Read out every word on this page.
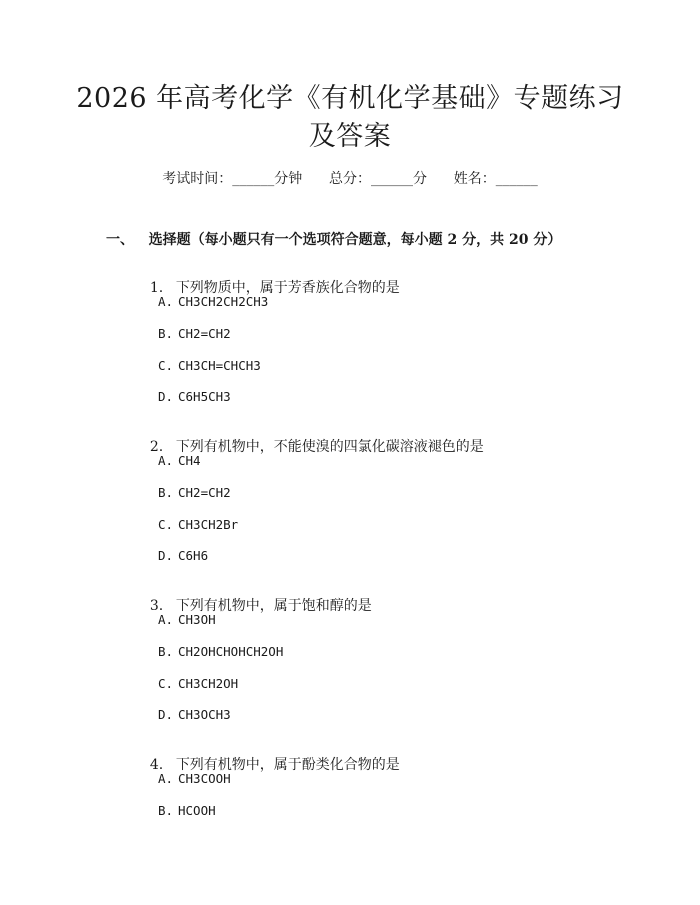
2026 年高考化学《有机化学基础》专题练习
及答案
考试时间：______分钟      总分：______分      姓名：______
一、   选择题（每小题只有一个选项符合题意，每小题 2 分，共 20 分）

1. 下列物质中，属于芳香族化合物的是

A. CH3CH2CH2CH3
B. CH2=CH2
C. CH3CH=CHCH3
D. C6H5CH3

2. 下列有机物中，不能使溴的四氯化碳溶液褪色的是

A. CH4
B. CH2=CH2
C. CH3CH2Br
D. C6H6

3. 下列有机物中，属于饱和醇的是

A. CH3OH
B. CH2OHCHOHCH2OH
C. CH3CH2OH
D. CH3OCH3

4. 下列有机物中，属于酚类化合物的是

A. CH3COOH
B. HCOOH
